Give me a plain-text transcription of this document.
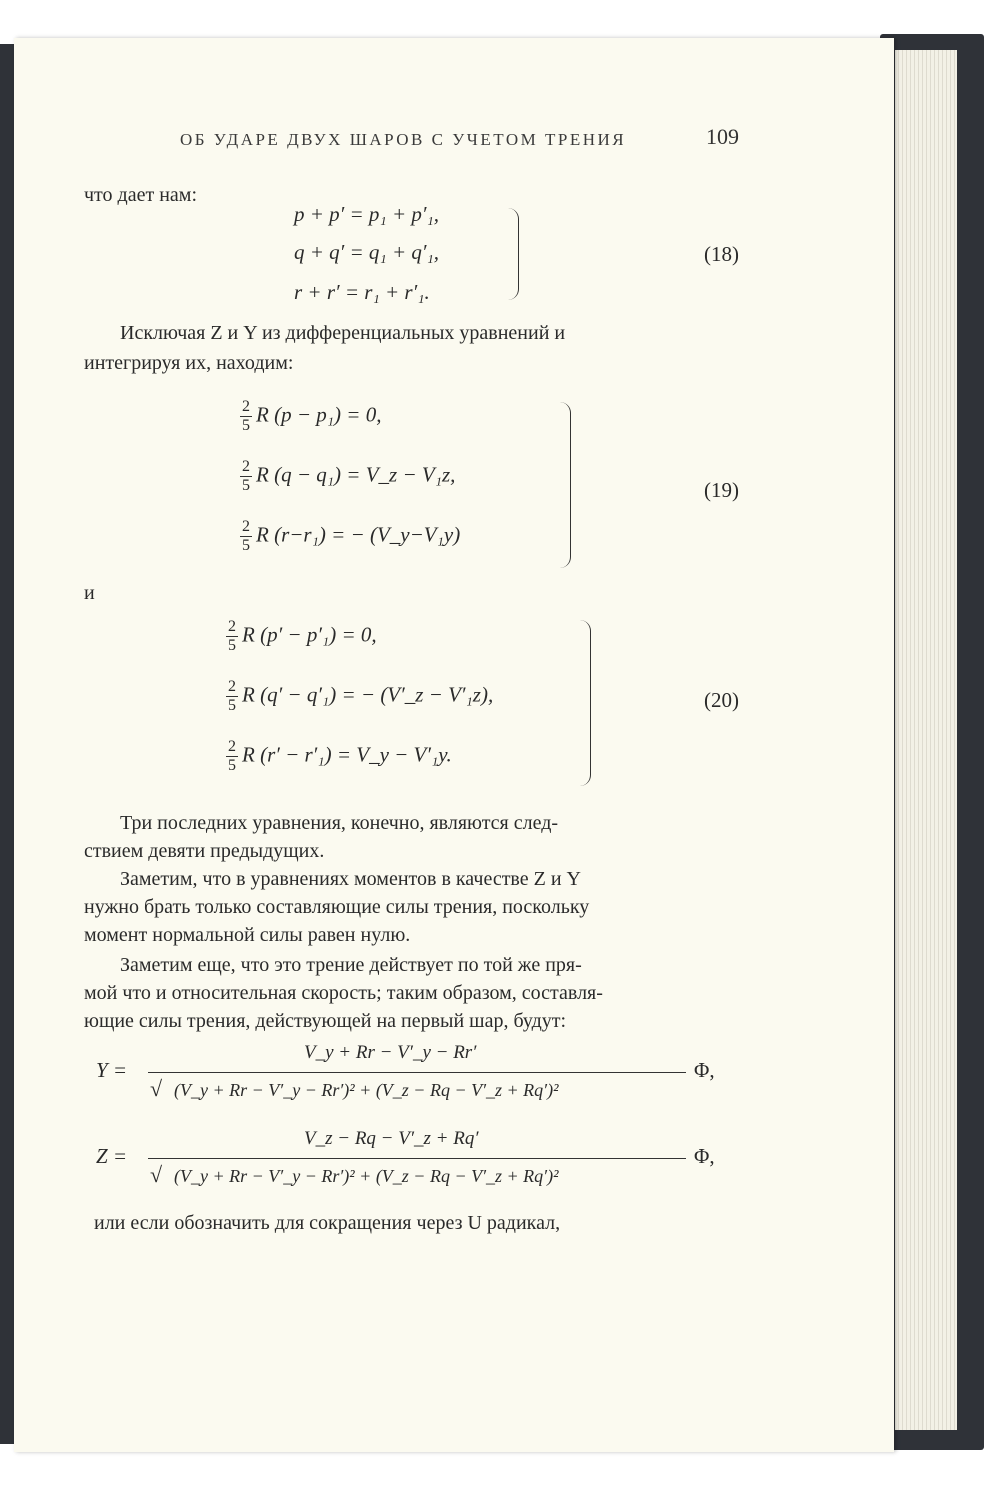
ОБ УДАРЕ ДВУХ ШАРОВ С УЧЕТОМ ТРЕНИЯ	109
что дает нам:
p + p′ = p₁ + p′₁,
q + q′ = q₁ + q′₁,
r + r′ = r₁ + r′₁.
(18)
Исключая Z и Y из дифференциальных уравнений и
интегрируя их, находим:
$\frac{2}{5}$ R (p − p₁) = 0,
$\frac{2}{5}$ R (q − q₁) = V_z − V₁z,
$\frac{2}{5}$ R (r−r₁) = − (V_y−V₁y)
(19)
и
$\frac{2}{5}$ R (p′ − p′₁) = 0,
$\frac{2}{5}$ R (q′ − q′₁) = − (V′_z − V′₁z),
$\frac{2}{5}$ R (r′ − r′₁) = V_y − V′₁y.
(20)
Три последних уравнения, конечно, являются след-
ствием девяти предыдущих.
Заметим, что в уравнениях моментов в качестве Z и Y
нужно брать только составляющие силы трения, поскольку
момент нормальной силы равен нулю.
Заметим еще, что это трение действует по той же пря-
мой что и относительная скорость; таким образом, составля-
ющие силы трения, действующей на первый шар, будут:
Y =
V_y + Rr − V′_y − Rr′
√ (V_y + Rr − V′_y − Rr′)² + (V_z − Rq − V′_z + Rq′)²
Φ,
Z =
V_z − Rq − V′_z + Rq′
√ (V_y + Rr − V′_y − Rr′)² + (V_z − Rq − V′_z + Rq′)²
Φ,
или если обозначить для сокращения через U радикал,
